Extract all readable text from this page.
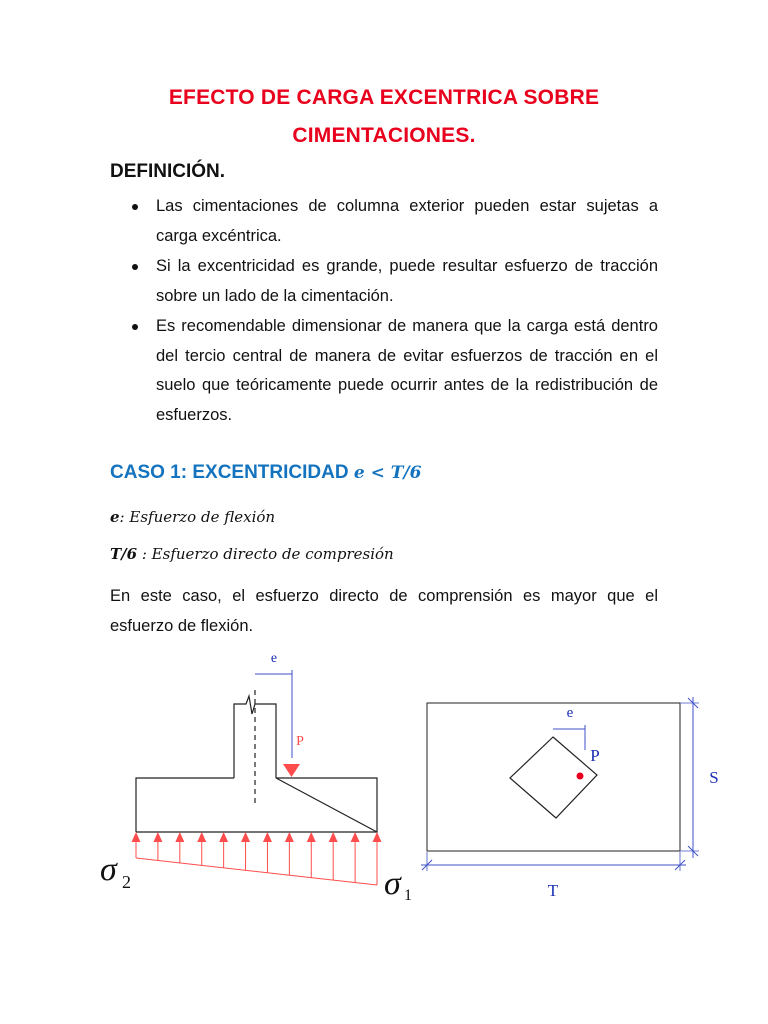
EFECTO DE CARGA EXCENTRICA SOBRE
CIMENTACIONES.
DEFINICIÓN.
Las cimentaciones de columna exterior pueden estar sujetas a carga excéntrica.
Si la excentricidad es grande, puede resultar esfuerzo de tracción sobre un lado de la cimentación.
Es recomendable dimensionar de manera que la carga está dentro del tercio central de manera de evitar esfuerzos de tracción en el suelo que teóricamente puede ocurrir antes de la redistribución de esfuerzos.
CASO 1: EXCENTRICIDAD e < T/6
e: Esfuerzo de flexión
T/6 : Esfuerzo directo de compresión
En este caso, el esfuerzo directo de comprensión es mayor que el esfuerzo de flexión.
e
P
σ 2	σ 1
e
P
S
T
